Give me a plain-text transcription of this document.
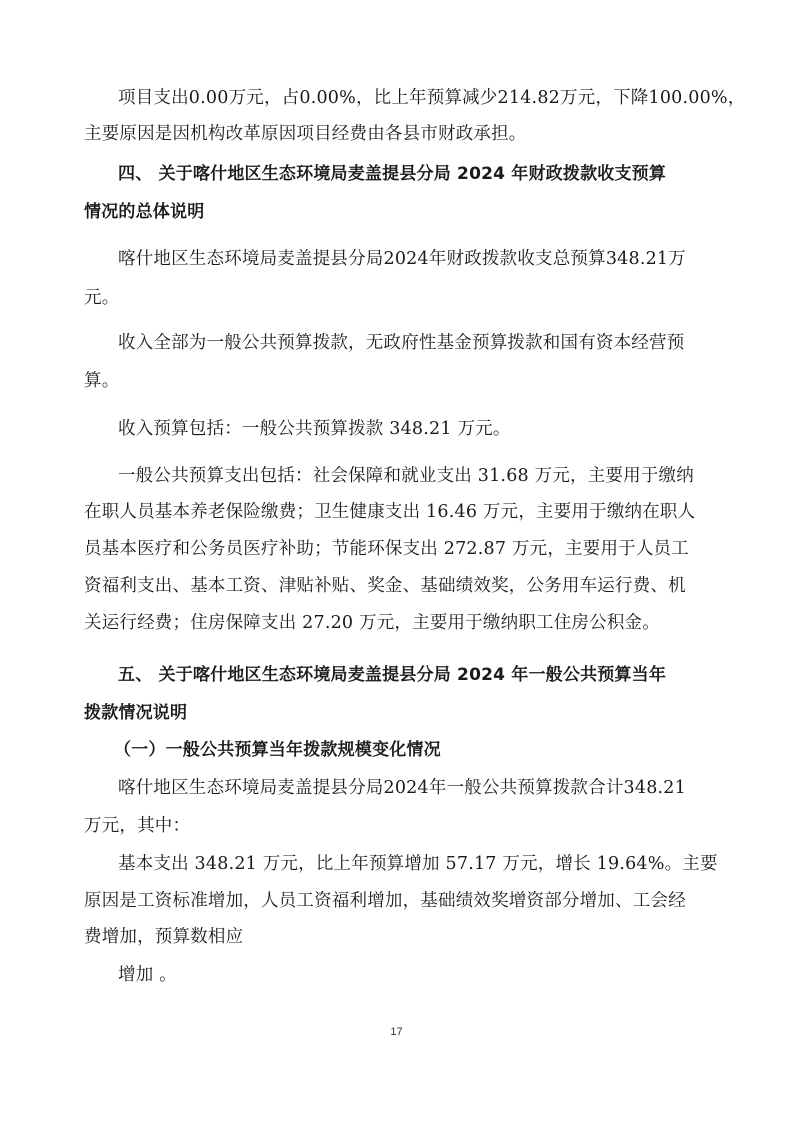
项目支出0.00万元，占0.00%，比上年预算减少214.82万元，下降100.00%，
主要原因是因机构改革原因项目经费由各县市财政承担。
四、 关于喀什地区生态环境局麦盖提县分局 2024 年财政拨款收支预算
情况的总体说明
喀什地区生态环境局麦盖提县分局2024年财政拨款收支总预算348.21万
元。
收入全部为一般公共预算拨款，无政府性基金预算拨款和国有资本经营预
算。
收入预算包括：一般公共预算拨款 348.21 万元。
一般公共预算支出包括：社会保障和就业支出 31.68 万元，主要用于缴纳
在职人员基本养老保险缴费；卫生健康支出 16.46 万元，主要用于缴纳在职人
员基本医疗和公务员医疗补助；节能环保支出 272.87 万元，主要用于人员工
资福利支出、基本工资、津贴补贴、奖金、基础绩效奖，公务用车运行费、机
关运行经费；住房保障支出 27.20 万元，主要用于缴纳职工住房公积金。
五、 关于喀什地区生态环境局麦盖提县分局 2024 年一般公共预算当年
拨款情况说明
（一）一般公共预算当年拨款规模变化情况
喀什地区生态环境局麦盖提县分局2024年一般公共预算拨款合计348.21
万元，其中：
基本支出 348.21 万元，比上年预算增加 57.17 万元，增长 19.64%。主要
原因是工资标准增加，人员工资福利增加，基础绩效奖增资部分增加、工会经
费增加，预算数相应
增加 。
17
